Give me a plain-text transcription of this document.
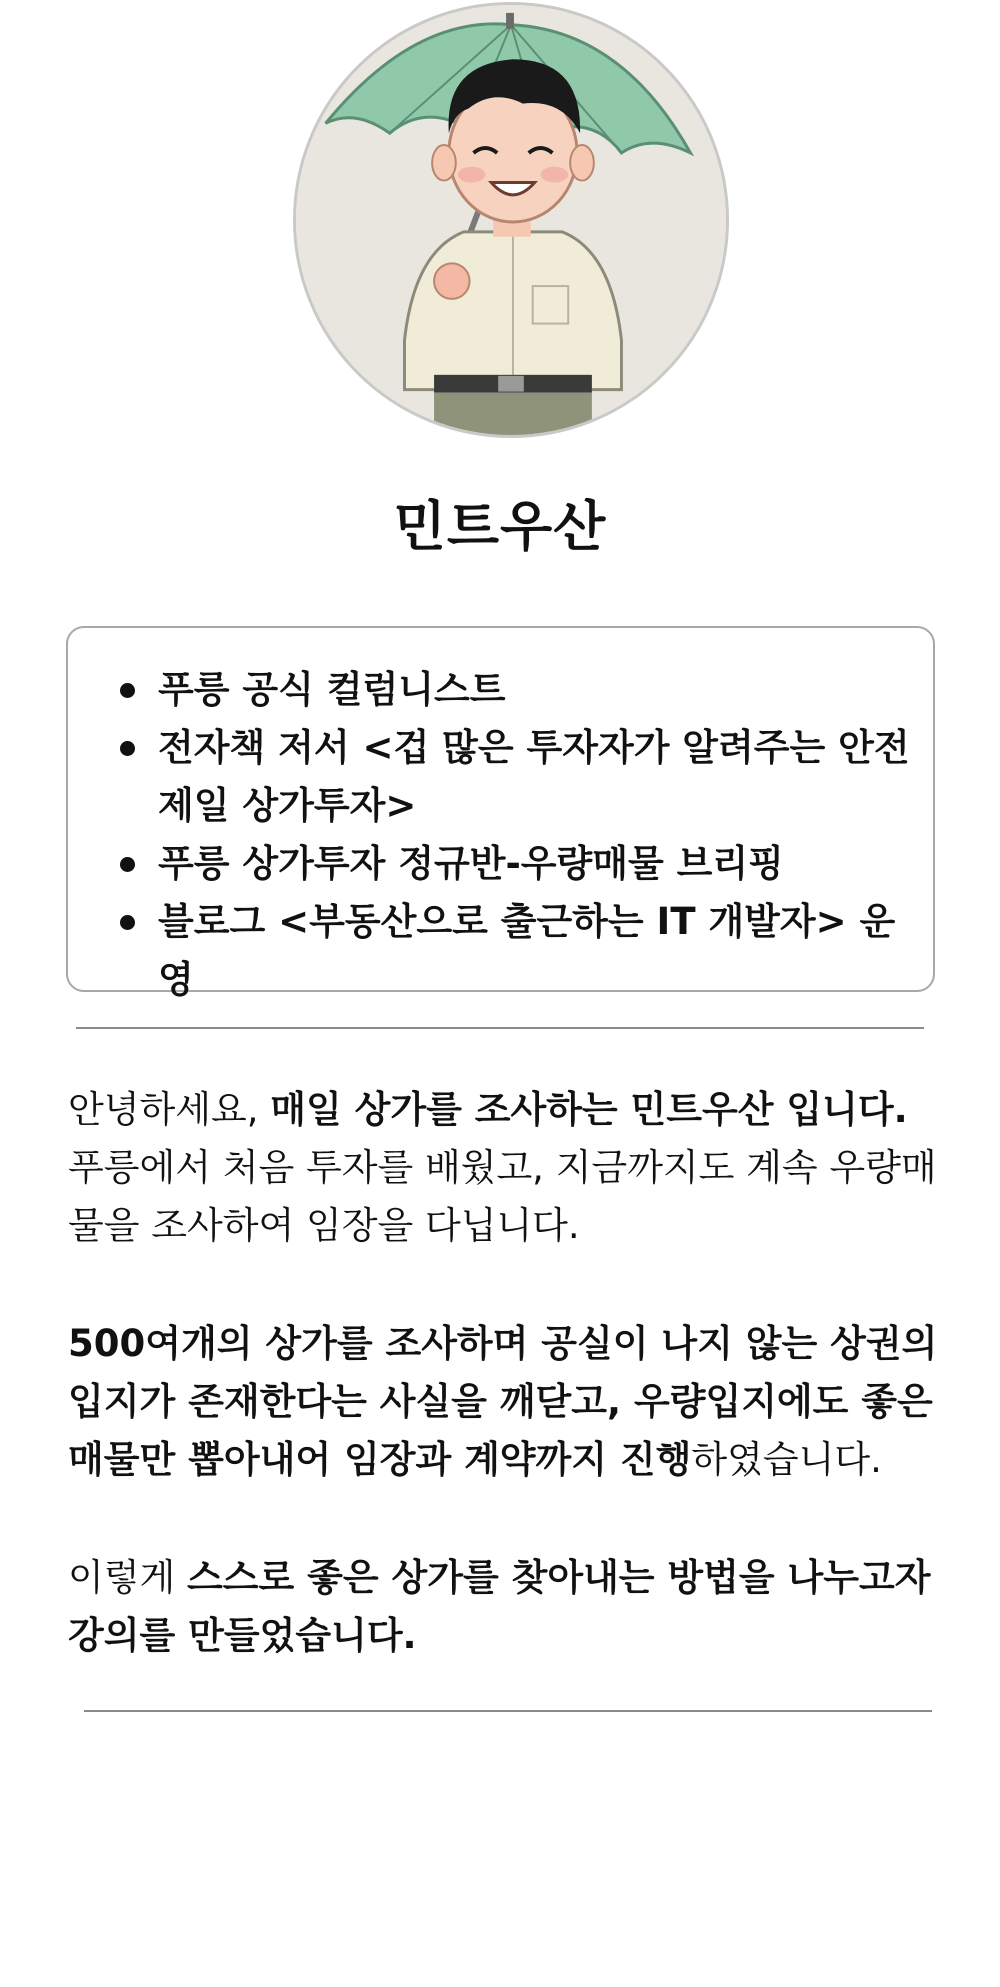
민트우산
푸릉 공식 컬럼니스트
전자책 저서 <겁 많은 투자자가 알려주는 안전제일 상가투자>
푸릉 상가투자 정규반-우량매물 브리핑
블로그 <부동산으로 출근하는 IT 개발자> 운영

안녕하세요, 매일 상가를 조사하는 민트우산 입니다.
푸릉에서 처음 투자를 배웠고, 지금까지도 계속 우량매물을 조사하여 임장을 다닙니다.

500여개의 상가를 조사하며 공실이 나지 않는 상권의 입지가 존재한다는 사실을 깨닫고, 우량입지에도 좋은 매물만 뽑아내어 임장과 계약까지 진행하였습니다.

이렇게 스스로 좋은 상가를 찾아내는 방법을 나누고자 강의를 만들었습니다.
